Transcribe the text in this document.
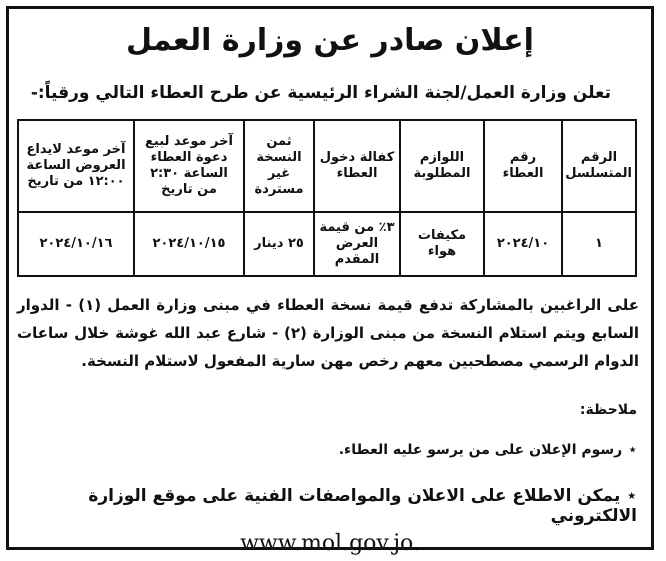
إعلان صادر عن وزارة العمل
تعلن وزارة العمل/لجنة الشراء الرئيسية عن طرح العطاء التالي ورقياً:-
الرقم المتسلسل	رقم العطاء	اللوازم المطلوبة	كفالة دخول العطاء	ثمن النسخة غير مستردة	آخر موعد لبيع دعوة العطاء الساعة ٢:٣٠ من تاريخ	آخر موعد لايداع العروض الساعة ١٢:٠٠ من تاريخ
١	٢٠٢٤/١٠	مكيفات هواء	٣٪ من قيمة العرض المقدم	٢٥ دينار	٢٠٢٤/١٠/١٥	٢٠٢٤/١٠/١٦
على الراغبين بالمشاركة تدفع قيمة نسخة العطاء في مبنى وزارة العمل (١) - الدوار السابع ويتم استلام النسخة من مبنى الوزارة (٢) - شارع عبد الله غوشة خلال ساعات الدوام الرسمي مصطحبين معهم رخص مهن سارية المفعول لاستلام النسخة.
ملاحظة:
⋆رسوم الإعلان على من يرسو عليه العطاء.
⋆يمكن الاطلاع على الاعلان والمواصفات الفنية على موقع الوزارة الالكتروني
www.mol.gov.jo.
